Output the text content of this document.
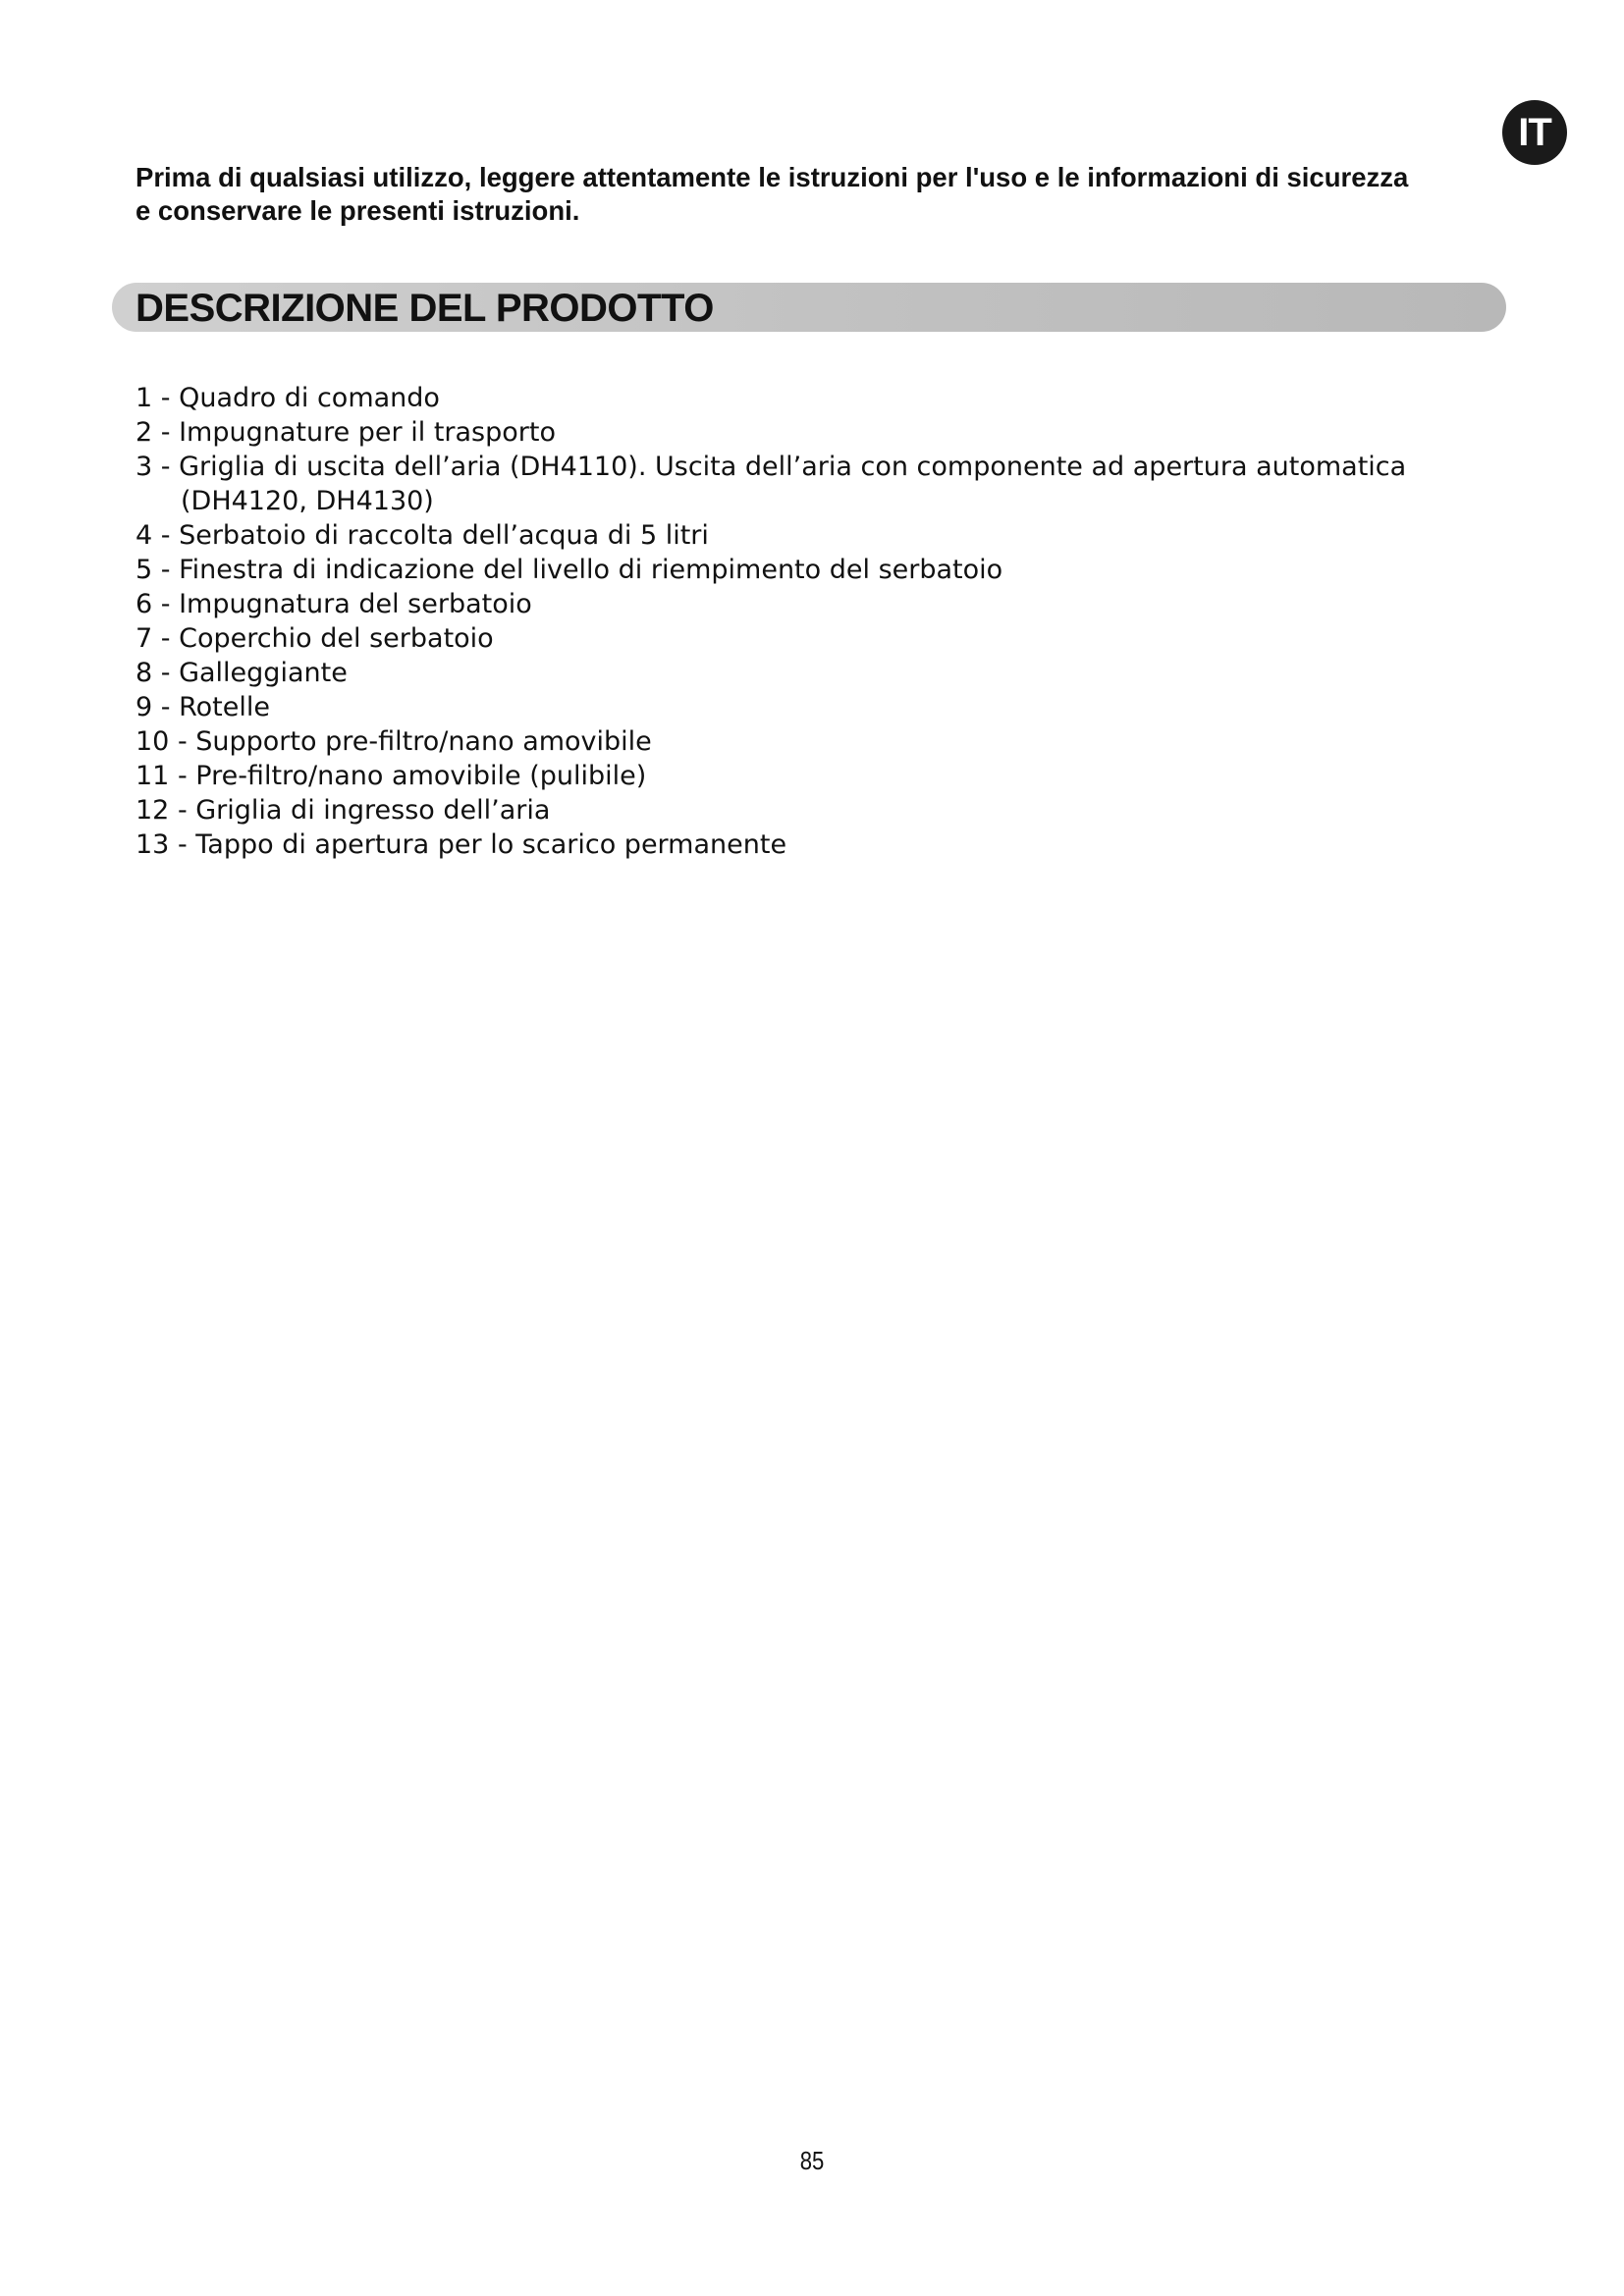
IT

Prima di qualsiasi utilizzo, leggere attentamente le istruzioni per l'uso e le informazioni di sicurezza

e conservare le presenti istruzioni.

DESCRIZIONE DEL PRODOTTO
1 - Quadro di comando
2 - Impugnature per il trasporto
3 - Griglia di uscita dell’aria (DH4110). Uscita dell’aria con componente ad apertura automatica
(DH4120, DH4130)
4 - Serbatoio di raccolta dell’acqua di 5 litri
5 - Finestra di indicazione del livello di riempimento del serbatoio
6 - Impugnatura del serbatoio
7 - Coperchio del serbatoio
8 - Galleggiante
9 - Rotelle
10 - Supporto pre-filtro/nano amovibile
11 - Pre-filtro/nano amovibile (pulibile)
12 - Griglia di ingresso dell’aria
13 - Tappo di apertura per lo scarico permanente
85
